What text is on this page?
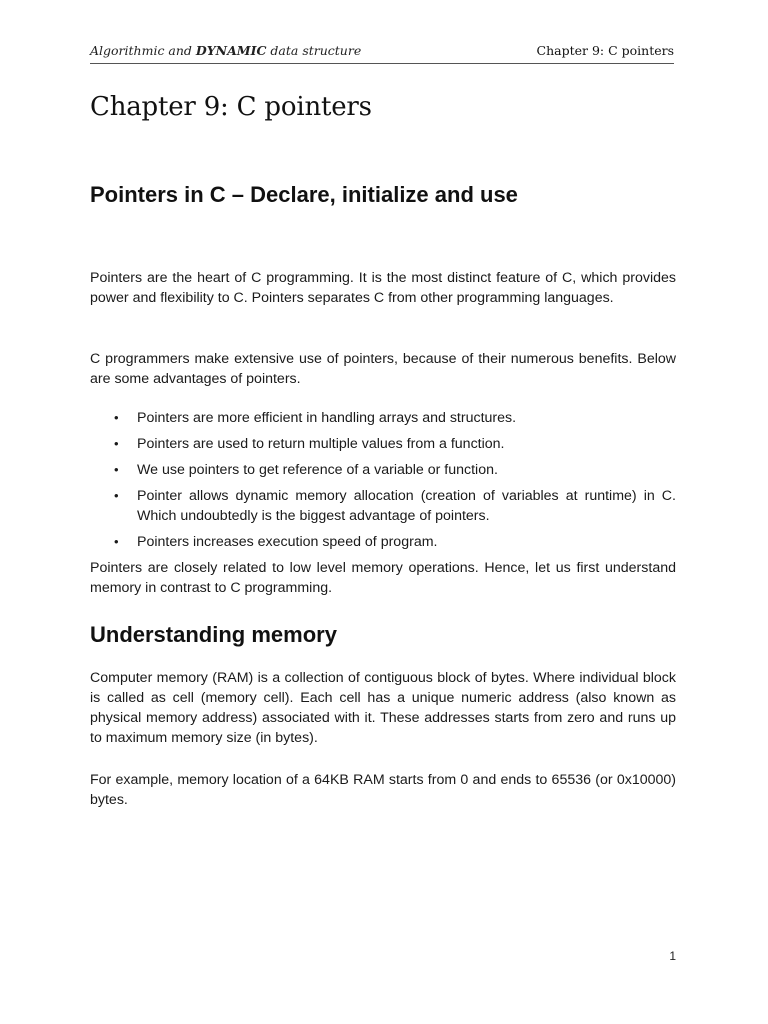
Algorithmic and DYNAMIC data structure	Chapter 9: C pointers
Chapter 9: C pointers
Pointers in C – Declare, initialize and use

Pointers are the heart of C programming. It is the most distinct feature of C, which provides power and flexibility to C. Pointers separates C from other programming languages.

C programmers make extensive use of pointers, because of their numerous benefits. Below are some advantages of pointers.

• Pointers are more efficient in handling arrays and structures.
• Pointers are used to return multiple values from a function.
• We use pointers to get reference of a variable or function.
• Pointer allows dynamic memory allocation (creation of variables at runtime) in C. Which undoubtedly is the biggest advantage of pointers.
• Pointers increases execution speed of program.

Pointers are closely related to low level memory operations. Hence, let us first understand memory in contrast to C programming.

Understanding memory

Computer memory (RAM) is a collection of contiguous block of bytes. Where individual block is called as cell (memory cell). Each cell has a unique numeric address (also known as physical memory address) associated with it. These addresses starts from zero and runs up to maximum memory size (in bytes).

For example, memory location of a 64KB RAM starts from 0 and ends to 65536 (or 0x10000) bytes.

1
